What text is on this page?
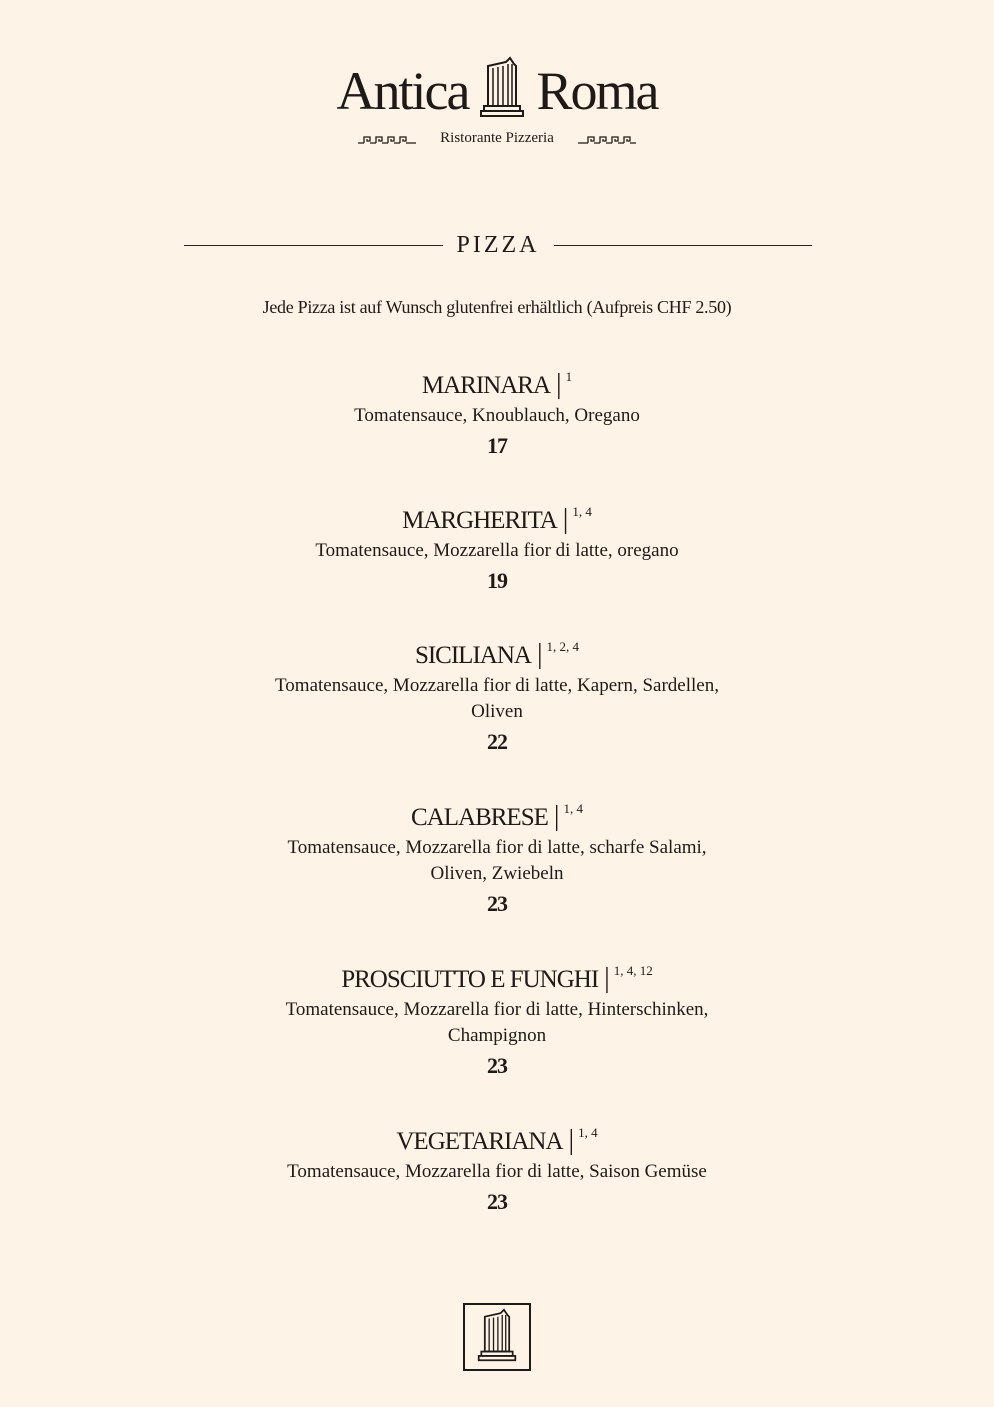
Antica Roma
Ristorante Pizzeria
PIZZA
Jede Pizza ist auf Wunsch glutenfrei erhältlich (Aufpreis CHF 2.50)
MARINARA | $^1$
Tomatensauce, Knoublauch, Oregano
17
MARGHERITA | $^{1, 4}$
Tomatensauce, Mozzarella fior di latte, oregano
19
SICILIANA | $^{1, 2, 4}$
Tomatensauce, Mozzarella fior di latte, Kapern, Sardellen, Oliven
22
CALABRESE | $^{1, 4}$
Tomatensauce, Mozzarella fior di latte, scharfe Salami, Oliven, Zwiebeln
23
PROSCIUTTO E FUNGHI | $^{1, 4, 12}$
Tomatensauce, Mozzarella fior di latte, Hinterschinken, Champignon
23
VEGETARIANA | $^{1, 4}$
Tomatensauce, Mozzarella fior di latte, Saison Gemüse
23
